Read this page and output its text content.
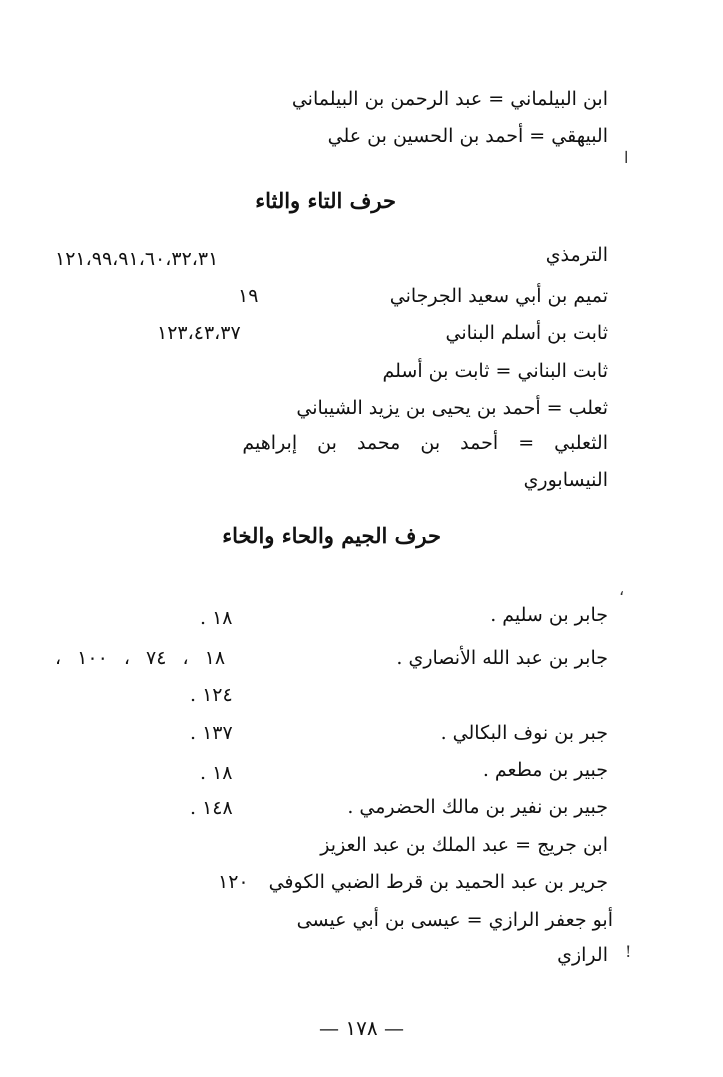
ابن البيلماني = عبد الرحمن بن البيلماني
البيهقي = أحمد بن الحسين بن علي
ا
حرف التاء والثاء
الترمذي
١٢١،٩٩،٩١،٦٠،٣٢،٣١
تميم بن أبي سعيد الجرجاني
١٩
ثابت بن أسلم البناني
١٢٣،٤٣،٣٧
ثابت البناني = ثابت بن أسلم
ثعلب = أحمد بن يحيى بن يزيد الشيباني
الثعلبي = أحمد بن محمد بن إبراهيم
النيسابوري
حرف الجيم والحاء والخاء
،
جابر بن سليم .
١٨ .
جابر بن عبد الله الأنصاري .
١٨ ، ٧٤ ، ١٠٠ ،
١٢٤ .
جبر بن نوف البكالي .
١٣٧ .
جبير بن مطعم .
١٨ .
جبير بن نفير بن مالك الحضرمي .
١٤٨ .
ابن جريج = عبد الملك بن عبد العزيز
جرير بن عبد الحميد بن قرط الضبي الكوفي
١٢٠
أبو جعفر الرازي = عيسى بن أبي عيسى
الرازي !
— ١٧٨ —
